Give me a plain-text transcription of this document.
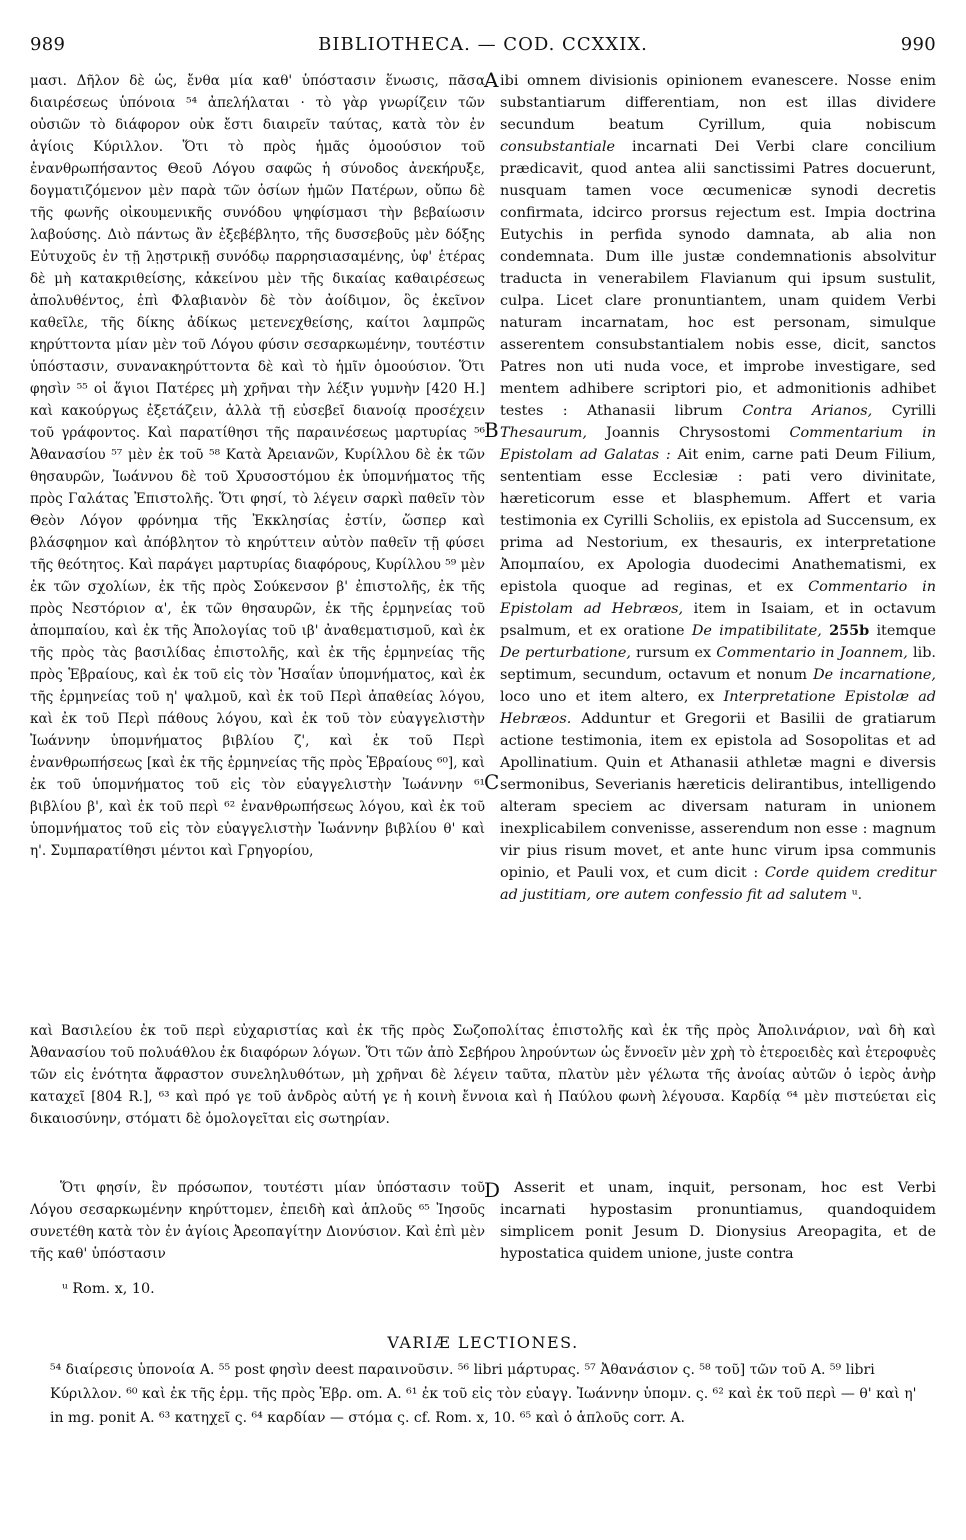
989	BIBLIOTHECA. — COD. CCXXIX.	990

μασι. Δῆλον δὲ ὡς, ἔνθα μία καθ' ὑπόστασιν ἕνωσις, πᾶσα διαιρέσεως ὑπόνοια ⁵⁴ ἀπελήλαται · τὸ γὰρ γνωρίζειν τῶν οὐσιῶν τὸ διάφορον οὐκ ἔστι διαιρεῖν ταύτας, κατὰ τὸν ἐν ἁγίοις Κύριλλον. Ὅτι τὸ πρὸς ἡμᾶς ὁμοούσιον τοῦ ἐνανθρωπήσαντος Θεοῦ Λόγου σαφῶς ἡ σύνοδος ἀνεκήρυξε, δογματιζόμενον μὲν παρὰ τῶν ὁσίων ἡμῶν Πατέρων, οὔπω δὲ τῆς φωνῆς οἰκουμενικῆς συνόδου ψηφίσμασι τὴν βεβαίωσιν λαβούσης. Διὸ πάντως ἂν ἐξεβέβλητο, τῆς δυσσεβοῦς μὲν δόξης Εὐτυχοῦς ἐν τῇ λῃστρικῇ συνόδῳ παρρησιασαμένης, ὑφ' ἑτέρας δὲ μὴ κατακριθείσης, κἀκείνου μὲν τῆς δικαίας καθαιρέσεως ἀπολυθέντος, ἐπὶ Φλαβιανὸν δὲ τὸν ἀοίδιμον, ὃς ἐκεῖνον καθεῖλε, τῆς δίκης ἀδίκως μετενεχθείσης, καίτοι λαμπρῶς κηρύττοντα μίαν μὲν τοῦ Λόγου φύσιν σεσαρκωμένην, τουτέστιν ὑπόστασιν, συνανακηρύττοντα δὲ καὶ τὸ ἡμῖν ὁμοούσιον. Ὅτι φησὶν ⁵⁵ οἱ ἅγιοι Πατέρες μὴ χρῆναι τὴν λέξιν γυμνὴν [420 H.] καὶ κακούργως ἐξετάζειν, ἀλλὰ τῇ εὐσεβεῖ διανοίᾳ προσέχειν τοῦ γράφοντος. Καὶ παρατίθησι τῆς παραινέσεως μαρτυρίας ⁵⁶ Ἀθανασίου ⁵⁷ μὲν ἐκ τοῦ ⁵⁸ Κατὰ Ἀρειανῶν, Κυρίλλου δὲ ἐκ τῶν θησαυρῶν, Ἰωάννου δὲ τοῦ Χρυσοστόμου ἐκ ὑπομνήματος τῆς πρὸς Γαλάτας Ἐπιστολῆς. Ὅτι φησί, τὸ λέγειν σαρκὶ παθεῖν τὸν Θεὸν Λόγον φρόνημα τῆς Ἐκκλησίας ἐστίν, ὥσπερ καὶ βλάσφημον καὶ ἀπόβλητον τὸ κηρύττειν αὐτὸν παθεῖν τῇ φύσει τῆς θεότητος. Καὶ παράγει μαρτυρίας διαφόρους, Κυρίλλου ⁵⁹ μὲν ἐκ τῶν σχολίων, ἐκ τῆς πρὸς Σούκενσον β' ἐπιστολῆς, ἐκ τῆς πρὸς Νεστόριον α', ἐκ τῶν θησαυρῶν, ἐκ τῆς ἑρμηνείας τοῦ ἀπομπαίου, καὶ ἐκ τῆς Ἀπολογίας τοῦ ιβ' ἀναθεματισμοῦ, καὶ ἐκ τῆς πρὸς τὰς βασιλίδας ἐπιστολῆς, καὶ ἐκ τῆς ἑρμηνείας τῆς πρὸς Ἑβραίους, καὶ ἐκ τοῦ εἰς τὸν Ἡσαΐαν ὑπομνήματος, καὶ ἐκ τῆς ἑρμηνείας τοῦ η' ψαλμοῦ, καὶ ἐκ τοῦ Περὶ ἀπαθείας λόγου, καὶ ἐκ τοῦ Περὶ πάθους λόγου, καὶ ἐκ τοῦ τὸν εὐαγγελιστὴν Ἰωάννην ὑπομνήματος βιβλίου ζ', καὶ ἐκ τοῦ Περὶ ἐνανθρωπήσεως [καὶ ἐκ τῆς ἑρμηνείας τῆς πρὸς Ἑβραίους ⁶⁰], καὶ ἐκ τοῦ ὑπομνήματος τοῦ εἰς τὸν εὐαγγελιστὴν Ἰωάννην ⁶¹ βιβλίου β', καὶ ἐκ τοῦ περὶ ⁶² ἐνανθρωπήσεως λόγου, καὶ ἐκ τοῦ ὑπομνήματος τοῦ εἰς τὸν εὐαγγελιστὴν Ἰωάννην βιβλίου θ' καὶ η'. Συμπαρατίθησι μέντοι καὶ Γρηγορίου,

ibi omnem divisionis opinionem evanescere. Nosse enim substantiarum differentiam, non est illas dividere secundum beatum Cyrillum, quia nobiscum consubstantiale incarnati Dei Verbi clare concilium prædicavit, quod antea alii sanctissimi Patres docuerunt, nusquam tamen voce œcumenicæ synodi decretis confirmata, idcirco prorsus rejectum est. Impia doctrina Eutychis in perfida synodo damnata, ab alia non condemnata. Dum ille justæ condemnationis absolvitur traducta in venerabilem Flavianum qui ipsum sustulit, culpa. Licet clare pronuntiantem, unam quidem Verbi naturam incarnatam, hoc est personam, simulque asserentem consubstantialem nobis esse, dicit, sanctos Patres non uti nuda voce, et improbe investigare, sed mentem adhibere scriptori pio, et admonitionis adhibet testes : Athanasii librum Contra Arianos, Cyrilli Thesaurum, Joannis Chrysostomi Commentarium in Epistolam ad Galatas : Ait enim, carne pati Deum Filium, sententiam esse Ecclesiæ : pati vero divinitate, hæreticorum esse et blasphemum. Affert et varia testimonia ex Cyrilli Scholiis, ex epistola ad Succensum, ex prima ad Nestorium, ex thesauris, ex interpretatione Ἀπομπαίου, ex Apologia duodecimi Anathematismi, ex epistola quoque ad reginas, et ex Commentario in Epistolam ad Hebræos, item in Isaiam, et in octavum psalmum, et ex oratione De impatibilitate, 255b itemque De perturbatione, rursum ex Commentario in Joannem, lib. septimum, secundum, octavum et nonum De incarnatione, loco uno et item altero, ex Interpretatione Epistolæ ad Hebræos. Adduntur et Gregorii et Basilii de gratiarum actione testimonia, item ex epistola ad Sosopolitas et ad Apollinatium. Quin et Athanasii athletæ magni e diversis sermonibus, Severianis hæreticis delirantibus, intelligendo alteram speciem ac diversam naturam in unionem inexplicabilem convenisse, asserendum non esse : magnum vir pius risum movet, et ante hunc virum ipsa communis opinio, et Pauli vox, et cum dicit : Corde quidem creditur ad justitiam, ore autem confessio fit ad salutem ᵘ.

A
B
C
D
καὶ Βασιλείου ἐκ τοῦ περὶ εὐχαριστίας καὶ ἐκ τῆς πρὸς Σωζοπολίτας ἐπιστολῆς καὶ ἐκ τῆς πρὸς Ἀπολινάριον, ναὶ δὴ καὶ Ἀθανασίου τοῦ πολυάθλου ἐκ διαφόρων λόγων. Ὅτι τῶν ἀπὸ Σεβήρου ληρούντων ὡς ἔννοεῖν μὲν χρὴ τὸ ἑτεροειδὲς καὶ ἑτεροφυὲς τῶν εἰς ἑνότητα ἄφραστον συνεληλυθότων, μὴ χρῆναι δὲ λέγειν ταῦτα, πλατὺν μὲν γέλωτα τῆς ἀνοίας αὐτῶν ὁ ἱερὸς ἀνὴρ καταχεῖ [804 R.], ⁶³ καὶ πρό γε τοῦ ἀνδρὸς αὐτή γε ἡ κοινὴ ἔννοια καὶ ἡ Παύλου φωνὴ λέγουσα. Καρδίᾳ ⁶⁴ μὲν πιστεύεται εἰς δικαιοσύνην, στόματι δὲ ὁμολογεῖται εἰς σωτηρίαν.

Ὅτι φησίν, ἓν πρόσωπον, τουτέστι μίαν ὑπόστασιν τοῦ Λόγου σεσαρκωμένην κηρύττομεν, ἐπειδὴ καὶ ἁπλοῦς ⁶⁵ Ἰησοῦς συνετέθη κατὰ τὸν ἐν ἁγίοις Ἀρεοπαγίτην Διονύσιον. Καὶ ἐπὶ μὲν τῆς καθ' ὑπόστασιν

Asserit et unam, inquit, personam, hoc est Verbi incarnati hypostasim pronuntiamus, quandoquidem simplicem ponit Jesum D. Dionysius Areopagita, et de hypostatica quidem unione, juste contra

ᵘ Rom. x, 10.
VARIÆ LECTIONES.
⁵⁴ διαίρεσις ὑπονοία A. ⁵⁵ post φησὶν deest παραινοῦσιν. ⁵⁶ libri μάρτυρας. ⁵⁷ Ἀθανάσιον ς. ⁵⁸ τοῦ] τῶν τοῦ A. ⁵⁹ libri Κύριλλον. ⁶⁰ καὶ ἐκ τῆς ἑρμ. τῆς πρὸς Ἑβρ. om. A. ⁶¹ ἐκ τοῦ εἰς τὸν εὐαγγ. Ἰωάννην ὑπομν. ς. ⁶² καὶ ἐκ τοῦ περὶ — θ' καὶ η' in mg. ponit A. ⁶³ κατηχεῖ ς. ⁶⁴ καρδίαν — στόμα ς. cf. Rom. x, 10. ⁶⁵ καὶ ὁ ἁπλοῦς corr. A.
